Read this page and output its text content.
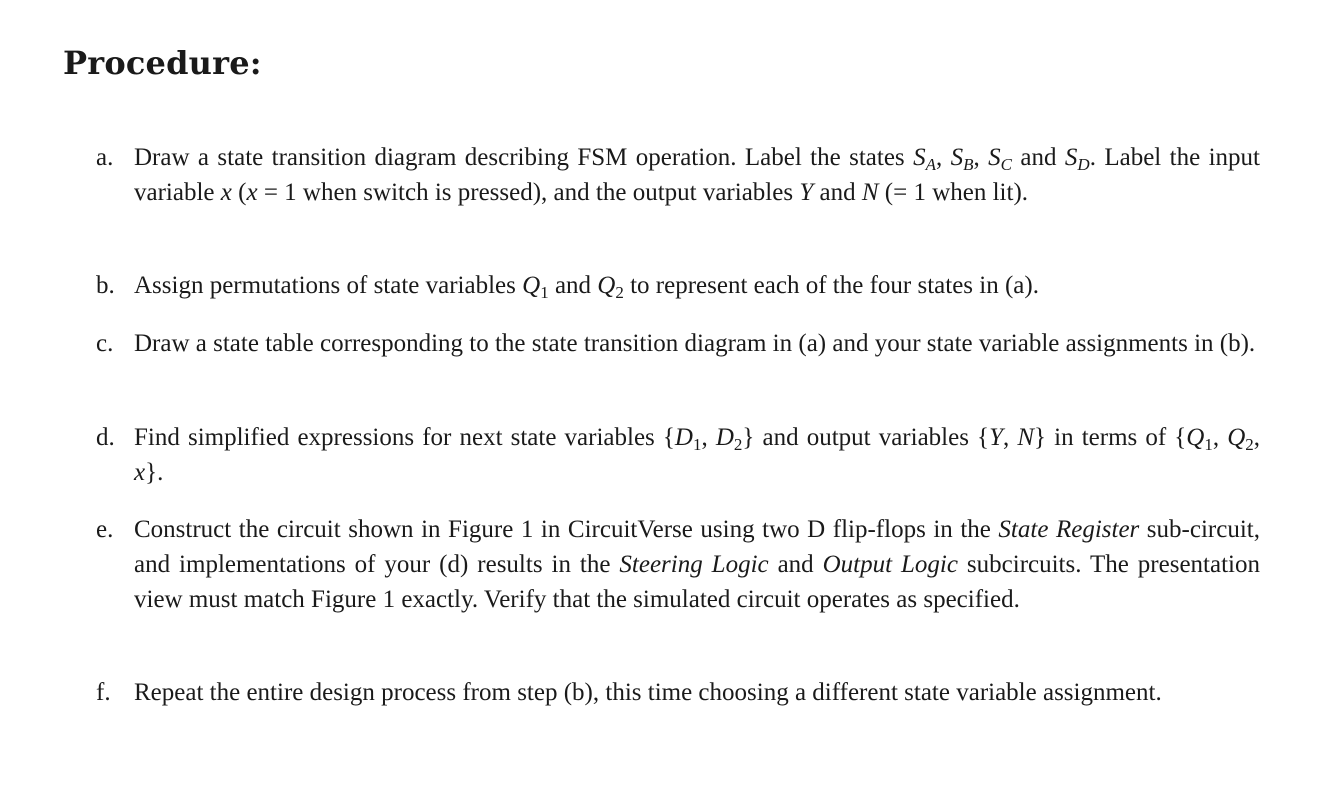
Procedure:
a. Draw a state transition diagram describing FSM operation. Label the states $S_A$, $S_B$, $S_C$ and $S_D$. Label the input variable x (x = 1 when switch is pressed), and the output variables Y and N (= 1 when lit).
b. Assign permutations of state variables $Q_1$ and $Q_2$ to represent each of the four states in (a).
c. Draw a state table corresponding to the state transition diagram in (a) and your state variable assignments in (b).
d. Find simplified expressions for next state variables {$D_1$, $D_2$} and output variables {Y, N} in terms of {$Q_1$, $Q_2$, x}.
e. Construct the circuit shown in Figure 1 in CircuitVerse using two D flip-flops in the State Register sub-circuit, and implementations of your (d) results in the Steering Logic and Output Logic subcircuits. The presentation view must match Figure 1 exactly. Verify that the simulated circuit operates as specified.
f. Repeat the entire design process from step (b), this time choosing a different state variable assignment.
